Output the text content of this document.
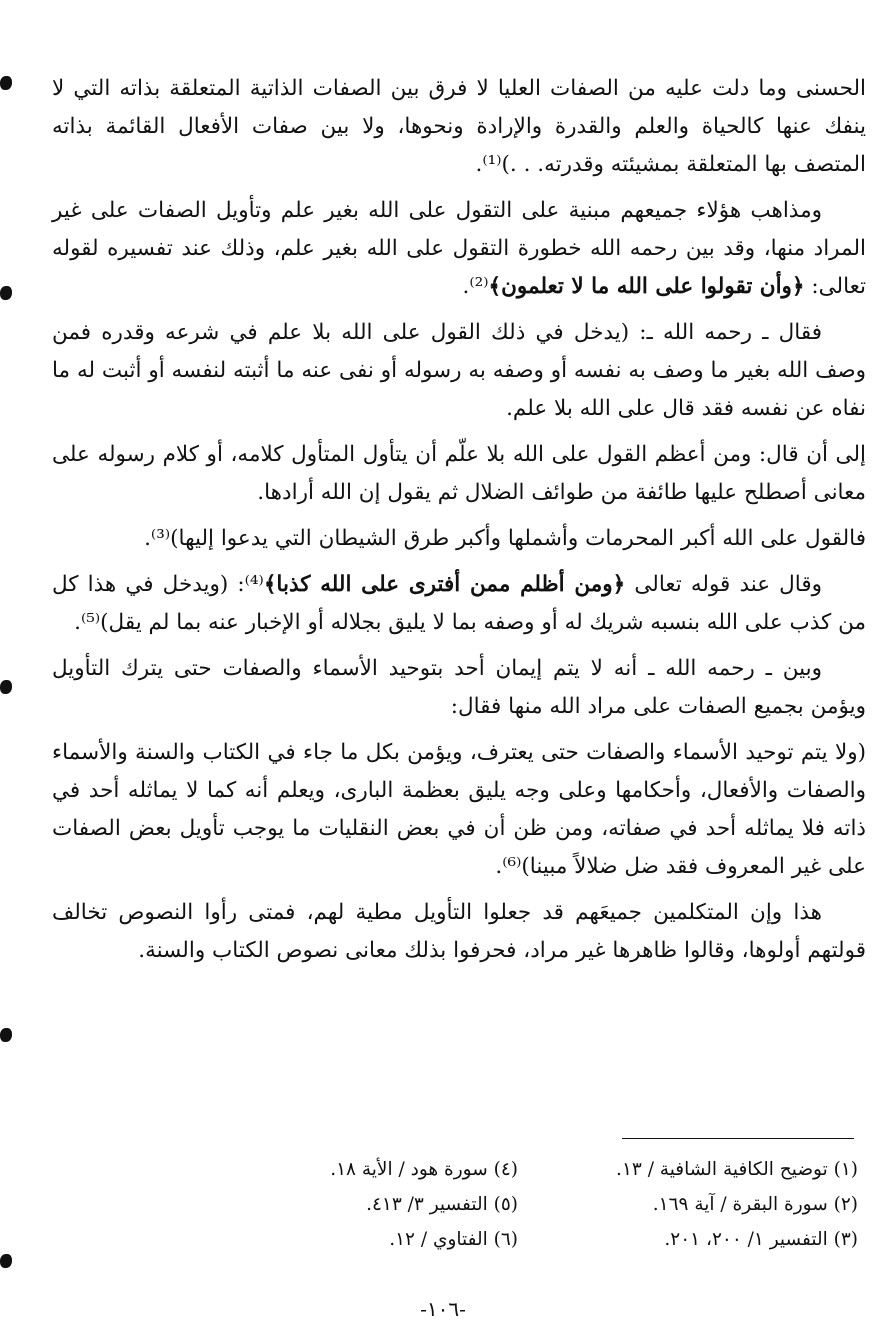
الحسنى وما دلت عليه من الصفات العليا لا فرق بين الصفات الذاتية المتعلقة بذاته التي لا ينفك عنها كالحياة والعلم والقدرة والإرادة ونحوها، ولا بين صفات الأفعال القائمة بذاته المتصف بها المتعلقة بمشيئته وقدرته. . .)⁽¹⁾.

ومذاهب هؤلاء جميعهم مبنية على التقول على الله بغير علم وتأويل الصفات على غير المراد منها، وقد بين رحمه الله خطورة التقول على الله بغير علم، وذلك عند تفسيره لقوله تعالى: ﴿وأن تقولوا على الله ما لا تعلمون﴾⁽²⁾.

فقال ـ رحمه الله ـ: (يدخل في ذلك القول على الله بلا علم في شرعه وقدره فمن وصف الله بغير ما وصف به نفسه أو وصفه به رسوله أو نفى عنه ما أثبته لنفسه أو أثبت له ما نفاه عن نفسه فقد قال على الله بلا علم.

إلى أن قال: ومن أعظم القول على الله بلا علّم أن يتأول المتأول كلامه، أو كلام رسوله على معانى أصطلح عليها طائفة من طوائف الضلال ثم يقول إن الله أرادها.

فالقول على الله أكبر المحرمات وأشملها وأكبر طرق الشيطان التي يدعوا إليها)⁽³⁾.

وقال عند قوله تعالى ﴿ومن أظلم ممن أفترى على الله كذبا﴾⁽⁴⁾: (ويدخل في هذا كل من كذب على الله بنسبه شريك له أو وصفه بما لا يليق بجلاله أو الإخبار عنه بما لم يقل)⁽⁵⁾.

وبين ـ رحمه الله ـ أنه لا يتم إيمان أحد بتوحيد الأسماء والصفات حتى يترك التأويل ويؤمن بجميع الصفات على مراد الله منها فقال:

(ولا يتم توحيد الأسماء والصفات حتى يعترف، ويؤمن بكل ما جاء في الكتاب والسنة والأسماء والصفات والأفعال، وأحكامها وعلى وجه يليق بعظمة البارى، ويعلم أنه كما لا يماثله أحد في ذاته فلا يماثله أحد في صفاته، ومن ظن أن في بعض النقليات ما يوجب تأويل بعض الصفات على غير المعروف فقد ضل ضلالاً مبينا)⁽⁶⁾.

هذا وإن المتكلمين جميعَهم قد جعلوا التأويل مطية لهم، فمتى رأوا النصوص تخالف قولتهم أولوها، وقالوا ظاهرها غير مراد، فحرفوا بذلك معانى نصوص الكتاب والسنة.

(١) توضيح الكافية الشافية / ١٣.
(٤) سورة هود / الأية ١٨.
(٢) سورة البقرة / آية ١٦٩.
(٥) التفسير ٣/ ٤١٣.
(٣) التفسير ١/ ٢٠٠، ٢٠١.
(٦) الفتاوي / ١٢.
-١٠٦-
